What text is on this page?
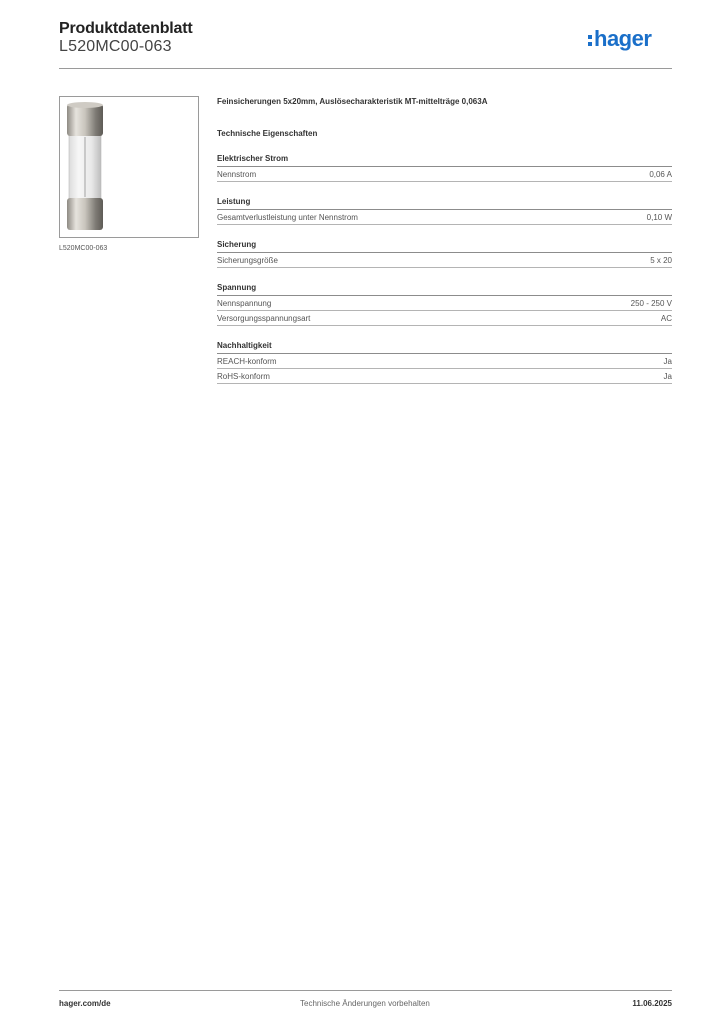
Produktdatenblatt
L520MC00-063	hager
L520MC00-063
Feinsicherungen 5x20mm, Auslösecharakteristik MT-mittelträge 0,063A
Technische Eigenschaften
Elektrischer Strom
Nennstrom	0,06 A
Leistung
Gesamtverlustleistung unter Nennstrom	0,10 W
Sicherung
Sicherungsgröße	5 x 20
Spannung
Nennspannung	250 - 250 V
Versorgungsspannungsart	AC
Nachhaltigkeit
REACH-konform	Ja
RoHS-konform	Ja
hager.com/de	Technische Änderungen vorbehalten	11.06.2025
